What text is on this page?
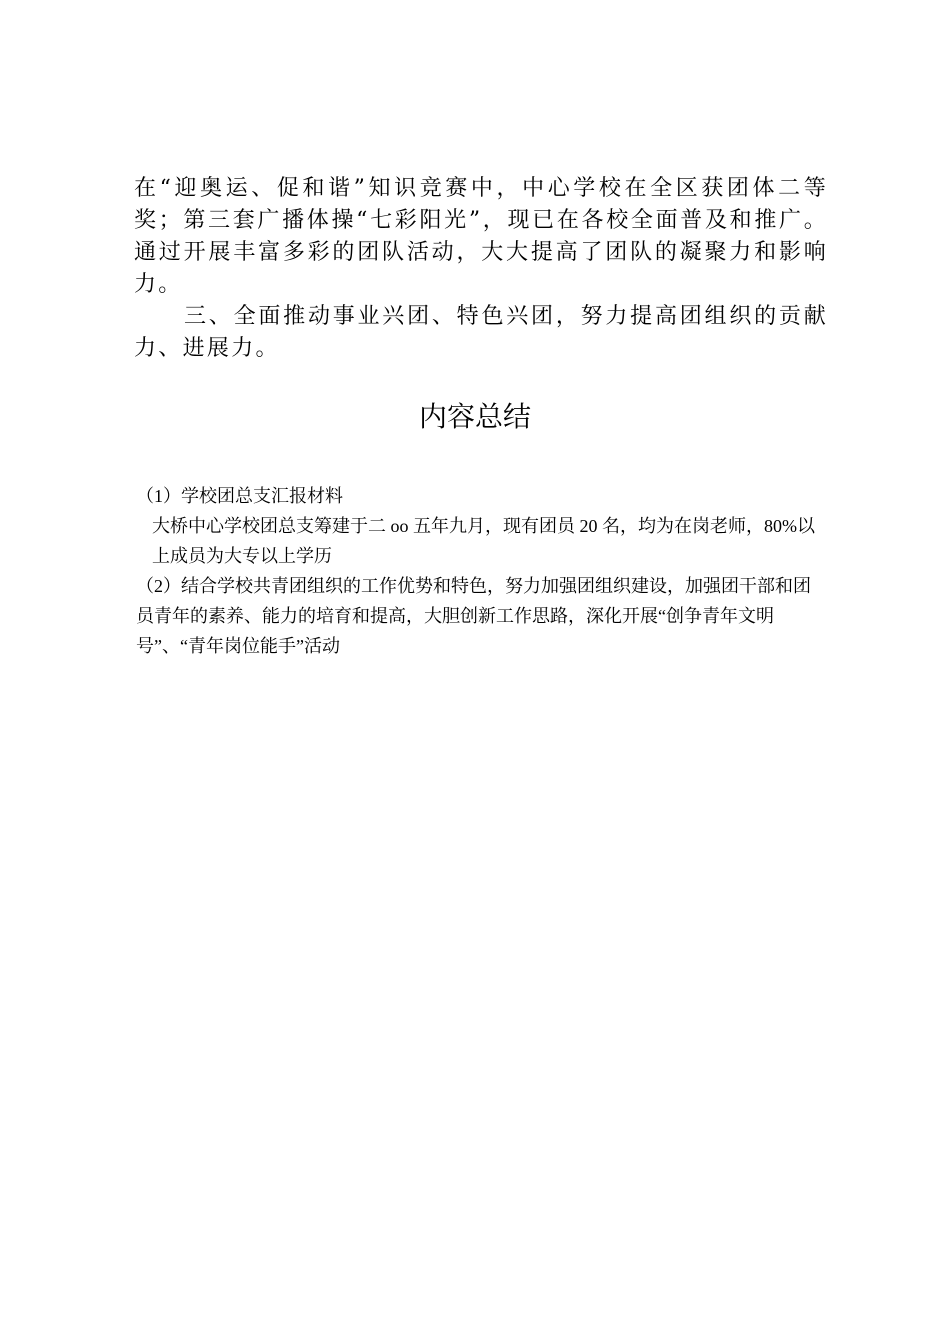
在“迎奥运、促和谐”知识竞赛中，中心学校在全区获团体二等奖；第三套广播体操“七彩阳光”，现已在各校全面普及和推广。通过开展丰富多彩的团队活动，大大提高了团队的凝聚力和影响力。

三、全面推动事业兴团、特色兴团，努力提高团组织的贡献力、进展力。

内容总结

（1）学校团总支汇报材料

大桥中心学校团总支筹建于二 oo 五年九月，现有团员 20 名，均为在岗老师，80%以上成员为大专以上学历

（2）结合学校共青团组织的工作优势和特色，努力加强团组织建设，加强团干部和团员青年的素养、能力的培育和提高，大胆创新工作思路，深化开展“创争青年文明号”、“青年岗位能手”活动
